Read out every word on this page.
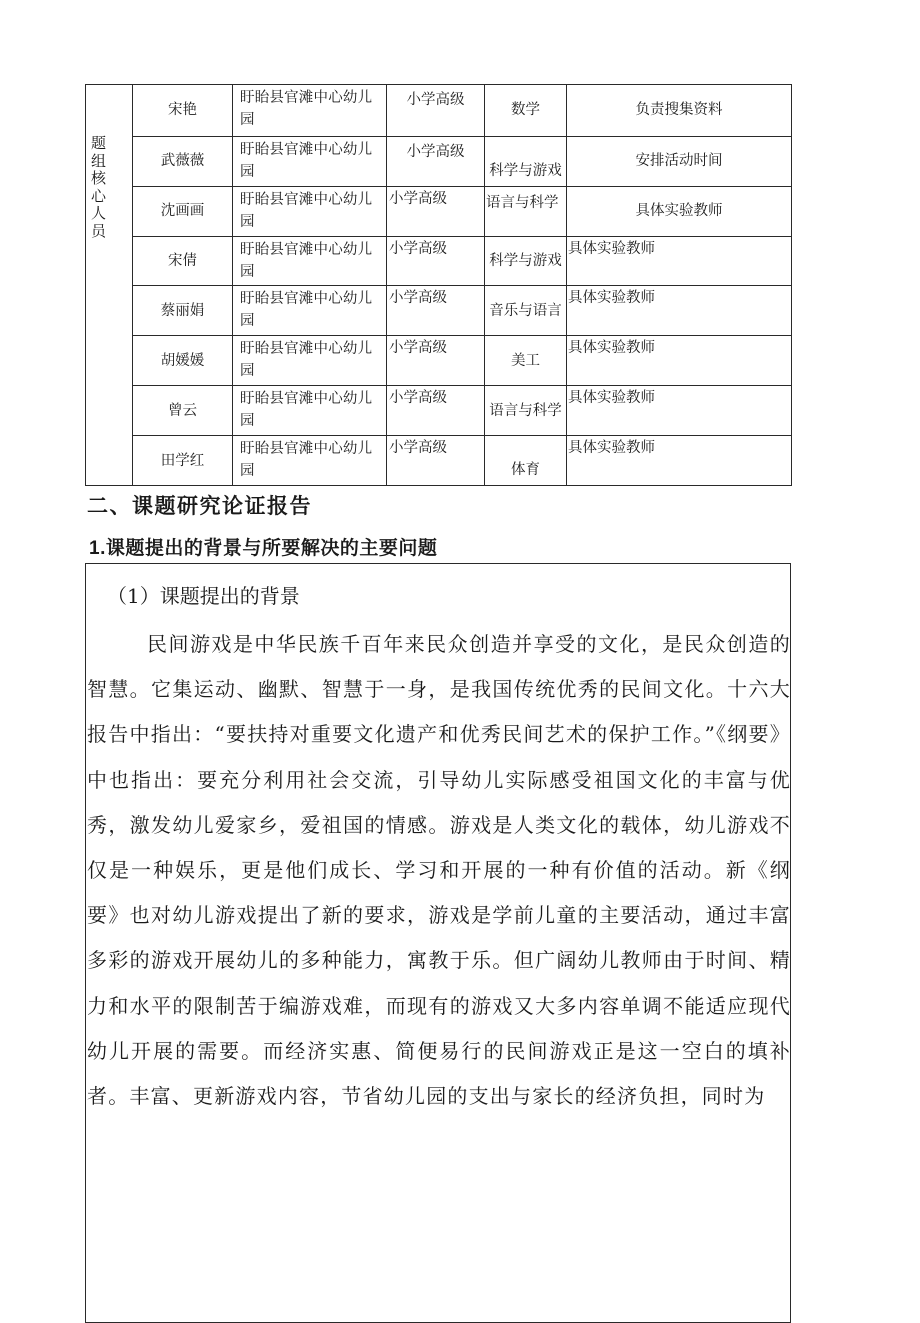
题组核心人员	宋艳	盱眙县官滩中心幼儿园	小学高级	数学	负责搜集资料
	武薇薇	盱眙县官滩中心幼儿园	小学高级	科学与游戏	安排活动时间
	沈画画	盱眙县官滩中心幼儿园	小学高级	语言与科学	具体实验教师
	宋倩	盱眙县官滩中心幼儿园	小学高级	科学与游戏	具体实验教师
	蔡丽娟	盱眙县官滩中心幼儿园	小学高级	音乐与语言	具体实验教师
	胡媛媛	盱眙县官滩中心幼儿园	小学高级	美工	具体实验教师
	曾云	盱眙县官滩中心幼儿园	小学高级	语言与科学	具体实验教师
	田学红	盱眙县官滩中心幼儿园	小学高级	体育	具体实验教师
二、课题研究论证报告
1.课题提出的背景与所要解决的主要问题

（1）课题提出的背景

民间游戏是中华民族千百年来民众创造并享受的文化，是民众创造的智慧。它集运动、幽默、智慧于一身，是我国传统优秀的民间文化。十六大报告中指出：“要扶持对重要文化遗产和优秀民间艺术的保护工作。”《纲要》中也指出：要充分利用社会交流，引导幼儿实际感受祖国文化的丰富与优秀，激发幼儿爱家乡，爱祖国的情感。游戏是人类文化的载体，幼儿游戏不仅是一种娱乐，更是他们成长、学习和开展的一种有价值的活动。新《纲要》也对幼儿游戏提出了新的要求，游戏是学前儿童的主要活动，通过丰富多彩的游戏开展幼儿的多种能力，寓教于乐。但广阔幼儿教师由于时间、精力和水平的限制苦于编游戏难，而现有的游戏又大多内容单调不能适应现代幼儿开展的需要。而经济实惠、简便易行的民间游戏正是这一空白的填补者。丰富、更新游戏内容，节省幼儿园的支出与家长的经济负担，同时为
